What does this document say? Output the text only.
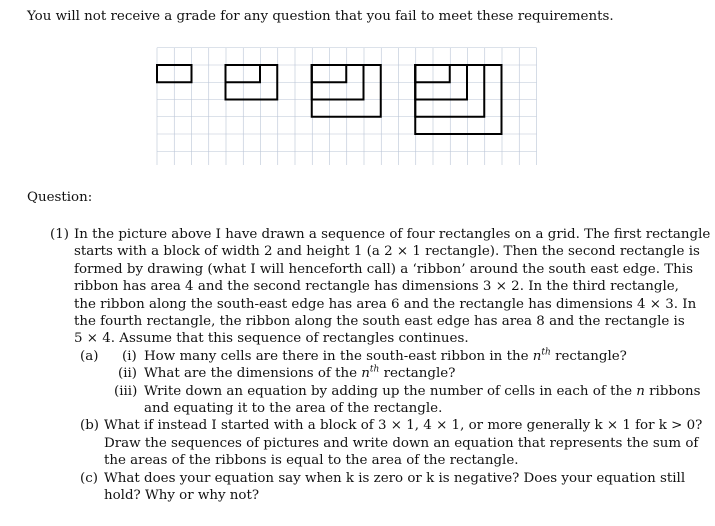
You will not receive a grade for any question that you fail to meet these requirements.
Question:
(1) In the picture above I have drawn a sequence of four rectangles on a grid. The first rectangle
starts with a block of width 2 and height 1 (a 2 × 1 rectangle). Then the second rectangle is
formed by drawing (what I will henceforth call) a ‘ribbon’ around the south east edge. This
ribbon has area 4 and the second rectangle has dimensions 3 × 2. In the third rectangle,
the ribbon along the south-east edge has area 6 and the rectangle has dimensions 4 × 3. In
the fourth rectangle, the ribbon along the south east edge has area 8 and the rectangle is
5 × 4. Assume that this sequence of rectangles continues.
(a) (i) How many cells are there in the south-east ribbon in the $n^{th}$ rectangle?
(ii) What are the dimensions of the $n^{th}$ rectangle?
(iii) Write down an equation by adding up the number of cells in each of the n ribbons
and equating it to the area of the rectangle.
(b) What if instead I started with a block of 3 × 1, 4 × 1, or more generally k × 1 for k > 0?
Draw the sequences of pictures and write down an equation that represents the sum of
the areas of the ribbons is equal to the area of the rectangle.
(c) What does your equation say when k is zero or k is negative? Does your equation still
hold? Why or why not?
